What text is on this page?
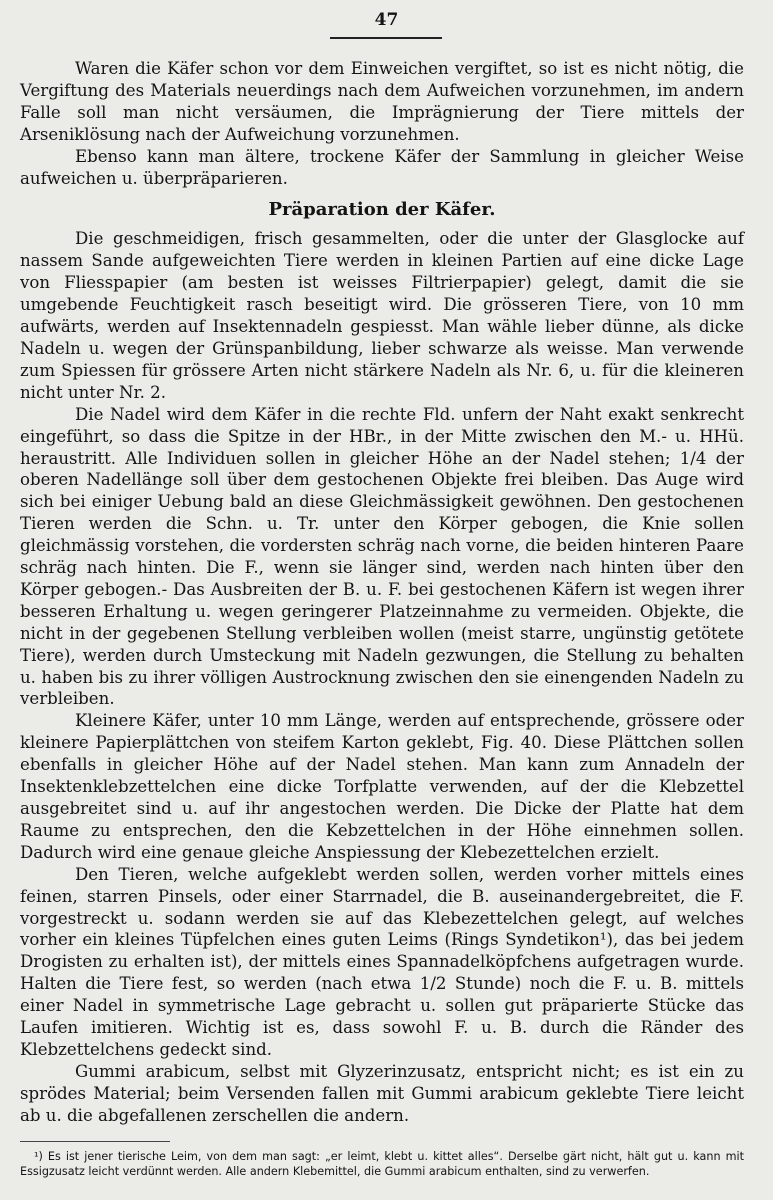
47

Waren die Käfer schon vor dem Einweichen vergiftet, so ist es nicht nötig, die Vergiftung des Materials neuerdings nach dem Aufweichen vorzunehmen, im andern Falle soll man nicht versäumen, die Imprägnierung der Tiere mittels der Arseniklösung nach der Aufweichung vorzunehmen.

Ebenso kann man ältere, trockene Käfer der Sammlung in gleicher Weise aufweichen u. überpräparieren.

Präparation der Käfer.

Die geschmeidigen, frisch gesammelten, oder die unter der Glasglocke auf nassem Sande aufgeweichten Tiere werden in kleinen Partien auf eine dicke Lage von Fliesspapier (am besten ist weisses Filtrierpapier) gelegt, damit die sie umgebende Feuchtigkeit rasch beseitigt wird. Die grösseren Tiere, von 10 mm aufwärts, werden auf Insektennadeln gespiesst. Man wähle lieber dünne, als dicke Nadeln u. wegen der Grünspanbildung, lieber schwarze als weisse. Man verwende zum Spiessen für grössere Arten nicht stärkere Nadeln als Nr. 6, u. für die kleineren nicht unter Nr. 2.

Die Nadel wird dem Käfer in die rechte Fld. unfern der Naht exakt senkrecht eingeführt, so dass die Spitze in der HBr., in der Mitte zwischen den M.- u. HHü. heraustritt. Alle Individuen sollen in gleicher Höhe an der Nadel stehen; 1/4 der oberen Nadellänge soll über dem gestochenen Objekte frei bleiben. Das Auge wird sich bei einiger Uebung bald an diese Gleichmässigkeit gewöhnen. Den gestochenen Tieren werden die Schn. u. Tr. unter den Körper gebogen, die Knie sollen gleichmässig vorstehen, die vordersten schräg nach vorne, die beiden hinteren Paare schräg nach hinten. Die F., wenn sie länger sind, werden nach hinten über den Körper gebogen.- Das Ausbreiten der B. u. F. bei gestochenen Käfern ist wegen ihrer besseren Erhaltung u. wegen geringerer Platzeinnahme zu vermeiden. Objekte, die nicht in der gegebenen Stellung verbleiben wollen (meist starre, ungünstig getötete Tiere), werden durch Umsteckung mit Nadeln gezwungen, die Stellung zu behalten u. haben bis zu ihrer völligen Austrocknung zwischen den sie einengenden Nadeln zu verbleiben.

Kleinere Käfer, unter 10 mm Länge, werden auf entsprechende, grössere oder kleinere Papierplättchen von steifem Karton geklebt, Fig. 40. Diese Plättchen sollen ebenfalls in gleicher Höhe auf der Nadel stehen. Man kann zum Annadeln der Insektenklebzettelchen eine dicke Torfplatte verwenden, auf der die Klebzettel ausgebreitet sind u. auf ihr angestochen werden. Die Dicke der Platte hat dem Raume zu entsprechen, den die Kebzettelchen in der Höhe einnehmen sollen. Dadurch wird eine genaue gleiche Anspiessung der Klebezettelchen erzielt.

Den Tieren, welche aufgeklebt werden sollen, werden vorher mittels eines feinen, starren Pinsels, oder einer Starrnadel, die B. auseinandergebreitet, die F. vorgestreckt u. sodann werden sie auf das Klebezettelchen gelegt, auf welches vorher ein kleines Tüpfelchen eines guten Leims (Rings Syndetikon¹), das bei jedem Drogisten zu erhalten ist), der mittels eines Spannadelköpfchens aufgetragen wurde. Halten die Tiere fest, so werden (nach etwa 1/2 Stunde) noch die F. u. B. mittels einer Nadel in symmetrische Lage gebracht u. sollen gut präparierte Stücke das Laufen imitieren. Wichtig ist es, dass sowohl F. u. B. durch die Ränder des Klebzettelchens gedeckt sind.

Gummi arabicum, selbst mit Glyzerinzusatz, entspricht nicht; es ist ein zu sprödes Material; beim Versenden fallen mit Gummi arabicum geklebte Tiere leicht ab u. die abgefallenen zerschellen die andern.

¹) Es ist jener tierische Leim, von dem man sagt: „er leimt, klebt u. kittet alles“. Derselbe gärt nicht, hält gut u. kann mit Essigzusatz leicht verdünnt werden. Alle andern Klebemittel, die Gummi arabicum enthalten, sind zu verwerfen.
